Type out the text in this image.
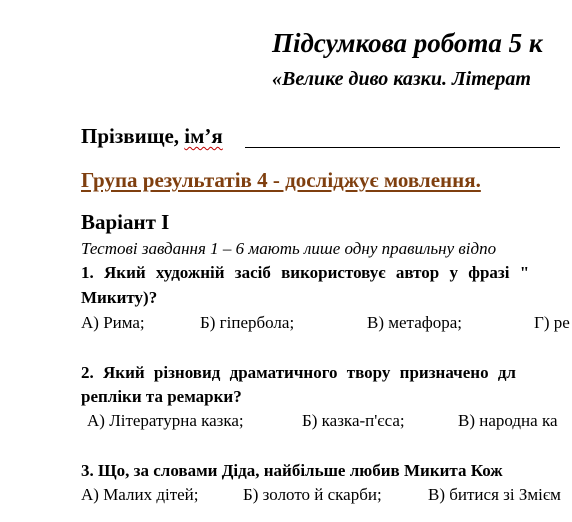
Підсумкова робота 5 к
«Велике диво казки. Літерат
Прізвище, ім’я
Група результатів 4 - досліджує мовлення.
Варіант І
Тестові завдання 1 – 6 мають лише одну правильну відпо
1. Який художній засіб використовує автор у фразі "
Микиту)?
А) Рима;	Б) гіпербола;	В) метафора;	Г) ре
2. Який різновид драматичного твору призначено дл
репліки та ремарки?
А) Літературна казка;	Б) казка-п'єса;	В) народна ка
3. Що, за словами Діда, найбільше любив Микита Кож
А) Малих дітей;	Б) золото й скарби;	В) битися зі Змієм
